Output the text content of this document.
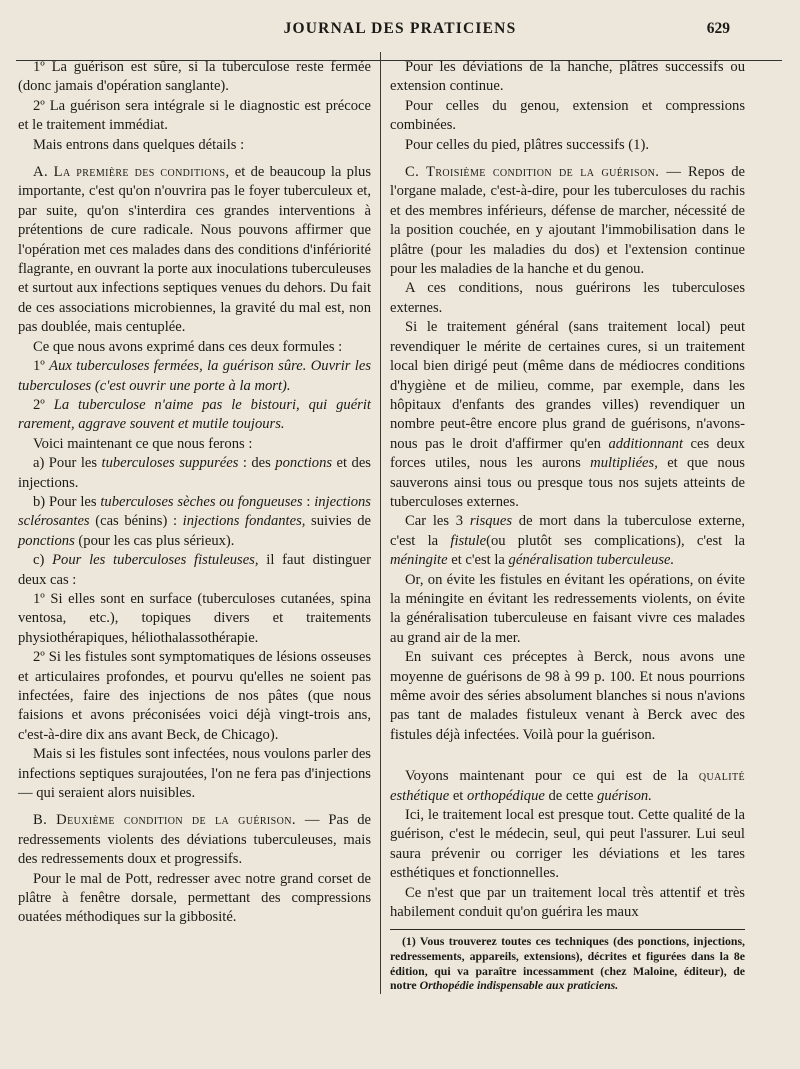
JOURNAL DES PRATICIENS	629

1º La guérison est sûre, si la tuberculose reste fermée (donc jamais d'opération sanglante).

2º La guérison sera intégrale si le diagnostic est précoce et le traitement immédiat.

Mais entrons dans quelques détails :

A. La première des conditions, et de beaucoup la plus importante, c'est qu'on n'ouvrira pas le foyer tuberculeux et, par suite, qu'on s'interdira ces grandes interventions à prétentions de cure radicale. Nous pouvons affirmer que l'opération met ces malades dans des conditions d'infériorité flagrante, en ouvrant la porte aux inoculations tuberculeuses et surtout aux infections septiques venues du dehors. Du fait de ces associations microbiennes, la gravité du mal est, non pas doublée, mais centuplée.

Ce que nous avons exprimé dans ces deux formules :

1º Aux tuberculoses fermées, la guérison sûre. Ouvrir les tuberculoses (c'est ouvrir une porte à la mort).

2º La tuberculose n'aime pas le bistouri, qui guérit rarement, aggrave souvent et mutile toujours.

Voici maintenant ce que nous ferons :

a) Pour les tuberculoses suppurées : des ponctions et des injections.

b) Pour les tuberculoses sèches ou fongueuses : injections sclérosantes (cas bénins) : injections fondantes, suivies de ponctions (pour les cas plus sérieux).

c) Pour les tuberculoses fistuleuses, il faut distinguer deux cas :

1º Si elles sont en surface (tuberculoses cutanées, spina ventosa, etc.), topiques divers et traitements physiothérapiques, héliothalassothérapie.

2º Si les fistules sont symptomatiques de lésions osseuses et articulaires profondes, et pourvu qu'elles ne soient pas infectées, faire des injections de nos pâtes (que nous faisions et avons préconisées voici déjà vingt-trois ans, c'est-à-dire dix ans avant Beck, de Chicago).

Mais si les fistules sont infectées, nous voulons parler des infections septiques surajoutées, l'on ne fera pas d'injections — qui seraient alors nuisibles.

B. Deuxième condition de la guérison. — Pas de redressements violents des déviations tuberculeuses, mais des redressements doux et progressifs.

Pour le mal de Pott, redresser avec notre grand corset de plâtre à fenêtre dorsale, permettant des compressions ouatées méthodiques sur la gibbosité.

Pour les déviations de la hanche, plâtres successifs ou extension continue.

Pour celles du genou, extension et compressions combinées.

Pour celles du pied, plâtres successifs (1).

C. Troisième condition de la guérison. — Repos de l'organe malade, c'est-à-dire, pour les tuberculoses du rachis et des membres inférieurs, défense de marcher, nécessité de la position couchée, en y ajoutant l'immobilisation dans le plâtre (pour les maladies du dos) et l'extension continue pour les maladies de la hanche et du genou.

A ces conditions, nous guérirons les tuberculoses externes.

Si le traitement général (sans traitement local) peut revendiquer le mérite de certaines cures, si un traitement local bien dirigé peut (même dans de médiocres conditions d'hygiène et de milieu, comme, par exemple, dans les hôpitaux d'enfants des grandes villes) revendiquer un nombre peut-être encore plus grand de guérisons, n'avons-nous pas le droit d'affirmer qu'en additionnant ces deux forces utiles, nous les aurons multipliées, et que nous sauverons ainsi tous ou presque tous nos sujets atteints de tuberculoses externes.

Car les 3 risques de mort dans la tuberculose externe, c'est la fistule(ou plutôt ses complications), c'est la méningite et c'est la généralisation tuberculeuse.

Or, on évite les fistules en évitant les opérations, on évite la méningite en évitant les redressements violents, on évite la généralisation tuberculeuse en faisant vivre ces malades au grand air de la mer.

En suivant ces préceptes à Berck, nous avons une moyenne de guérisons de 98 à 99 p. 100. Et nous pourrions même avoir des séries absolument blanches si nous n'avions pas tant de malades fistuleux venant à Berck avec des fistules déjà infectées. Voilà pour la guérison.

Voyons maintenant pour ce qui est de la qualité esthétique et orthopédique de cette guérison.

Ici, le traitement local est presque tout. Cette qualité de la guérison, c'est le médecin, seul, qui peut l'assurer. Lui seul saura prévenir ou corriger les déviations et les tares esthétiques et fonctionnelles.

Ce n'est que par un traitement local très attentif et très habilement conduit qu'on guérira les maux

(1) Vous trouverez toutes ces techniques (des ponctions, injections, redressements, appareils, extensions), décrites et figurées dans la 8e édition, qui va paraître incessamment (chez Maloine, éditeur), de notre Orthopédie indispensable aux praticiens.
